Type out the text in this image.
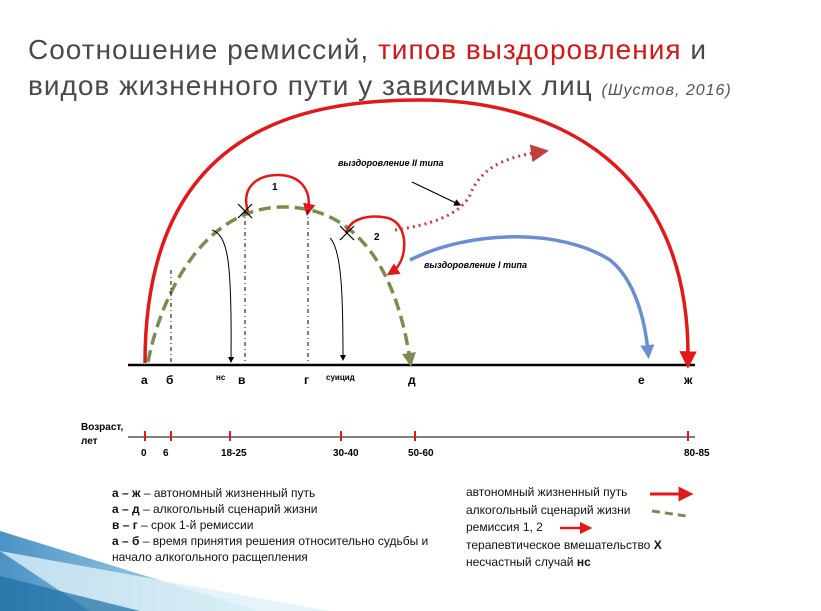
Соотношение ремиссий, типов выздоровления и
видов жизненного пути у зависимых лиц (Шустов, 2016)
а б	в	г	д	е	ж
нс	суицид
1
2
выздоровление II типа
выздоровление I типа
Возраст,
лет
0 6	18-25	30-40	50-60	80-85
а – ж – автономный жизненный путь
а – д – алкогольный сценарий жизни
в – г – срок 1-й ремиссии
а – б – время принятия решения относительно судьбы и начало алкогольного расщепления
автономный жизненный путь
алкогольный сценарий жизни
ремиссия 1, 2
терапевтическое вмешательство Х
несчастный случай нс
